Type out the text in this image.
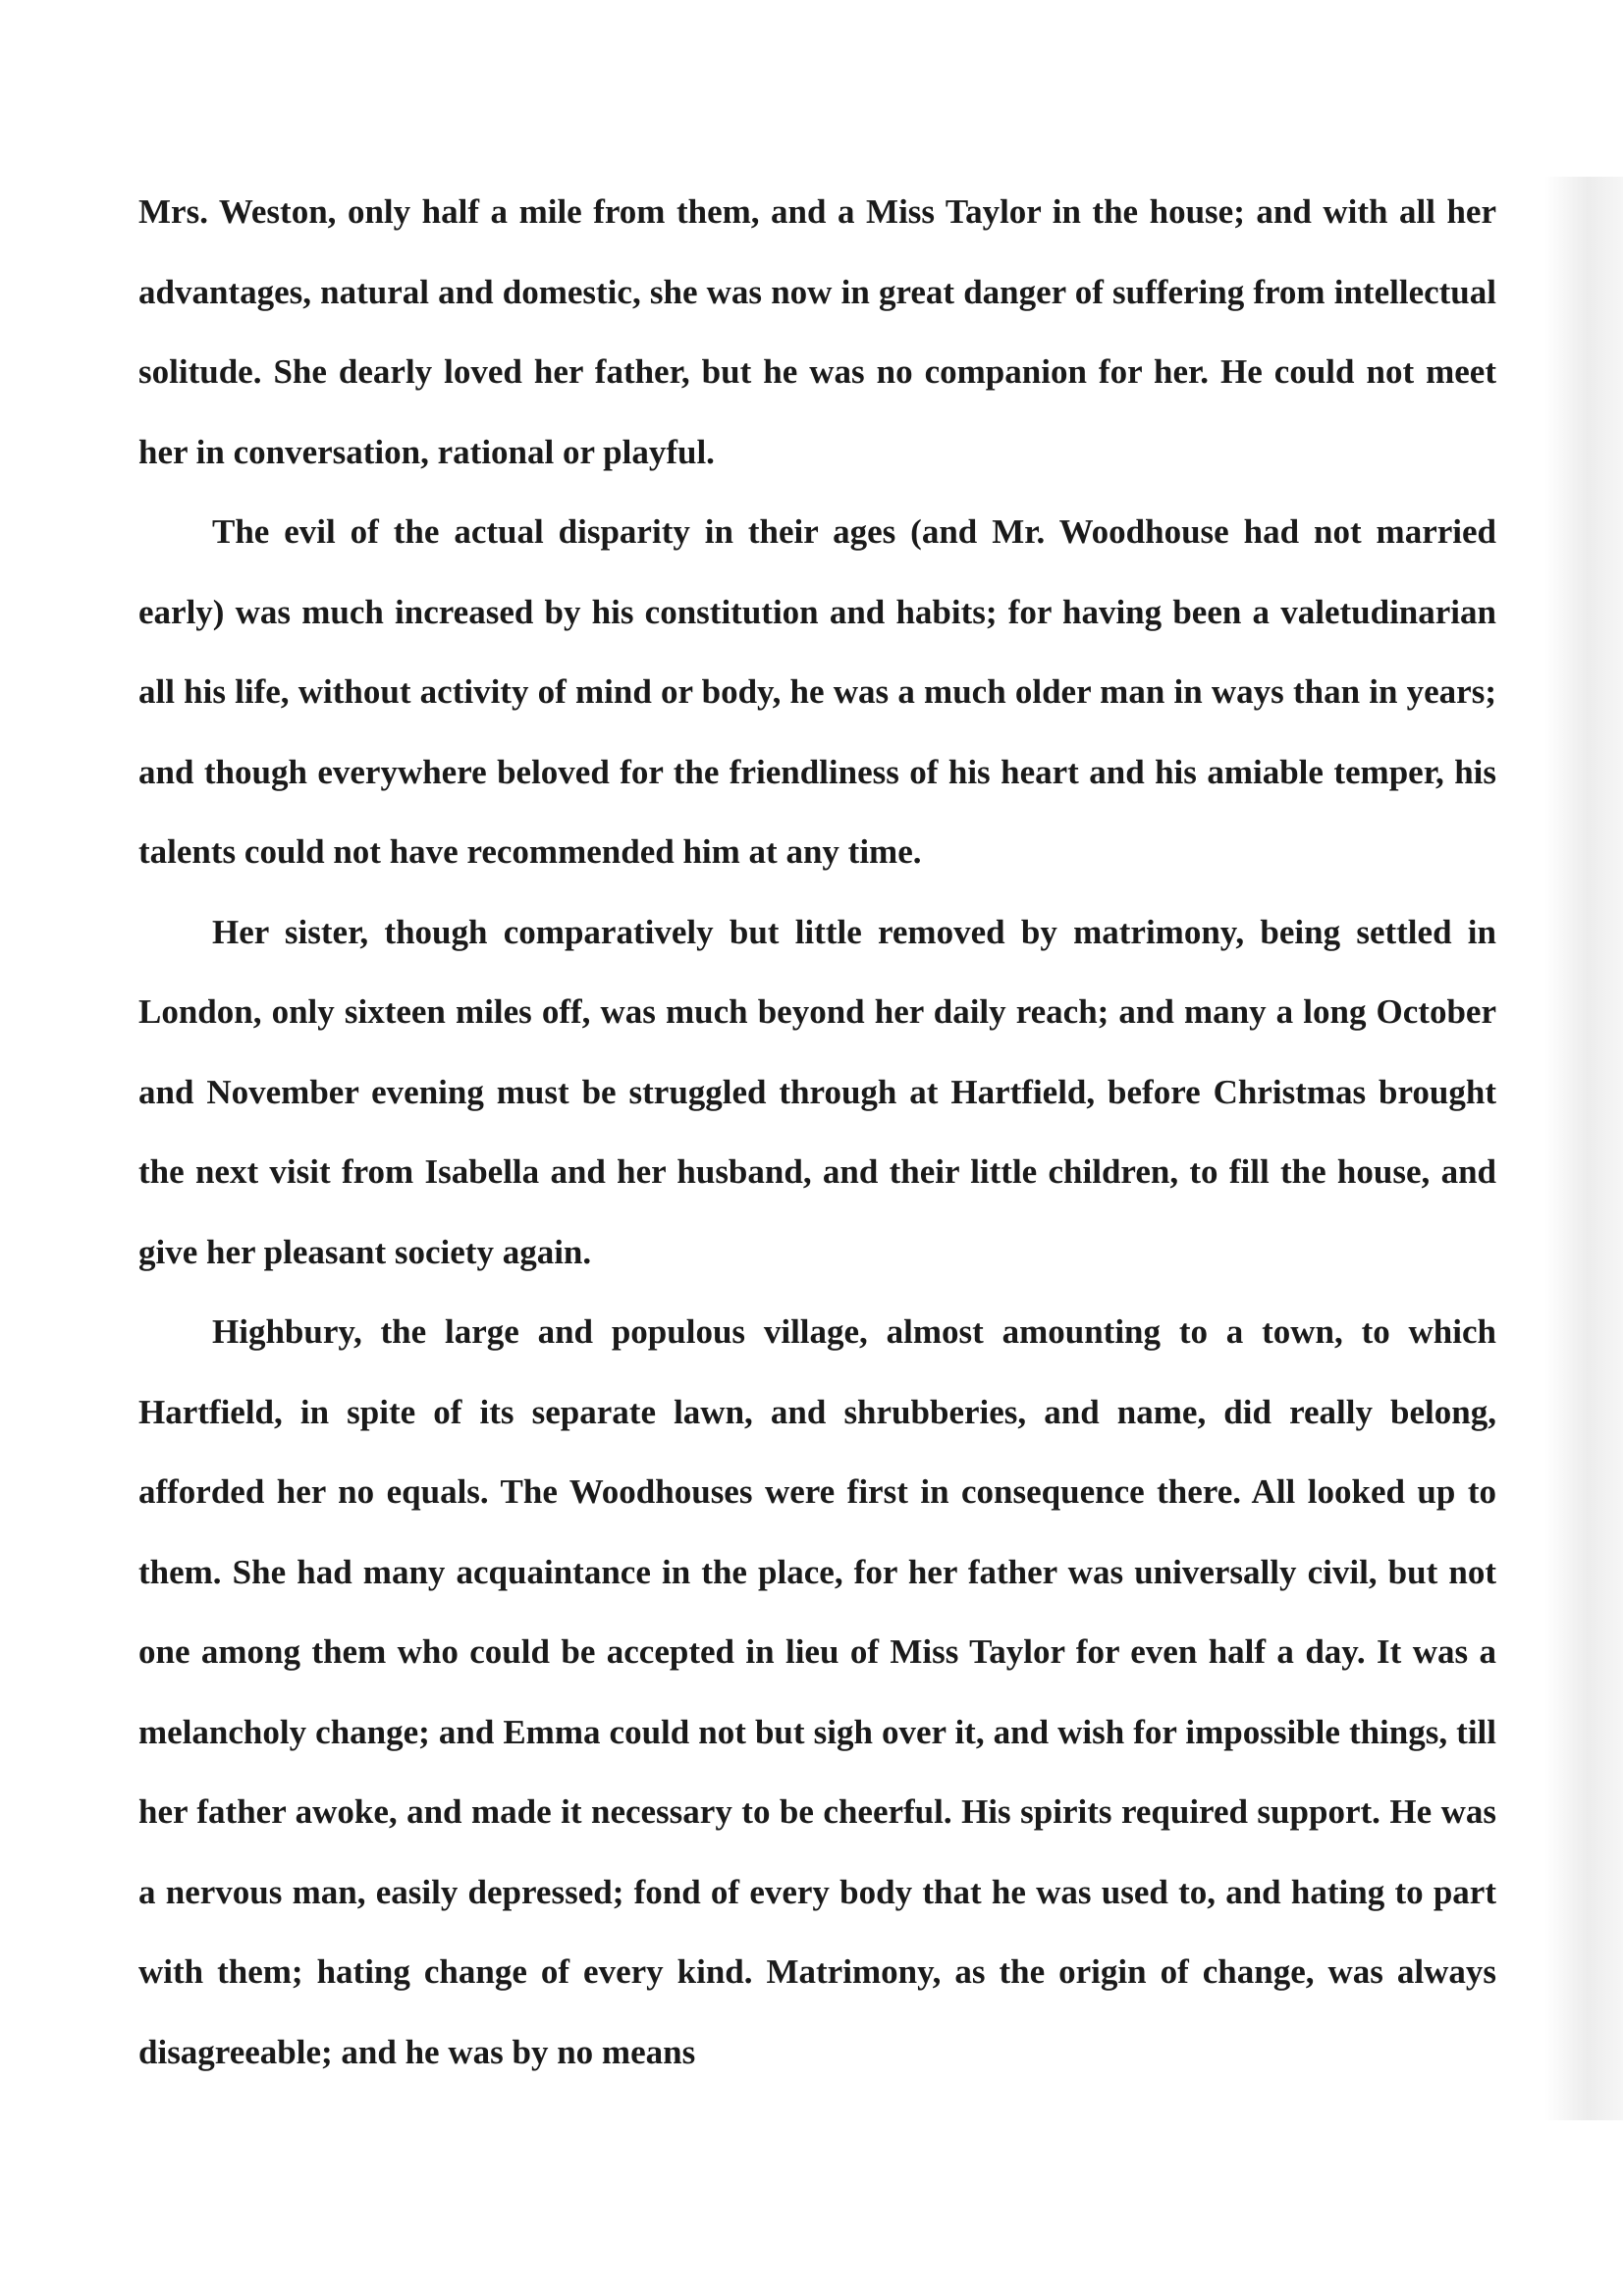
Mrs. Weston, only half a mile from them, and a Miss Taylor in the house; and with all her advantages, natural and domestic, she was now in great danger of suffering from intellectual solitude. She dearly loved her father, but he was no companion for her. He could not meet her in conversation, rational or playful.

The evil of the actual disparity in their ages (and Mr. Woodhouse had not married early) was much increased by his constitution and habits; for having been a valetudinarian all his life, without activity of mind or body, he was a much older man in ways than in years; and though everywhere beloved for the friendliness of his heart and his amiable temper, his talents could not have recommended him at any time.

Her sister, though comparatively but little removed by matrimony, being settled in London, only sixteen miles off, was much beyond her daily reach; and many a long October and November evening must be struggled through at Hartfield, before Christmas brought the next visit from Isabella and her husband, and their little children, to fill the house, and give her pleasant society again.

Highbury, the large and populous village, almost amounting to a town, to which Hartfield, in spite of its separate lawn, and shrubberies, and name, did really belong, afforded her no equals. The Woodhouses were first in consequence there. All looked up to them. She had many acquaintance in the place, for her father was universally civil, but not one among them who could be accepted in lieu of Miss Taylor for even half a day. It was a melancholy change; and Emma could not but sigh over it, and wish for impossible things, till her father awoke, and made it necessary to be cheerful. His spirits required support. He was a nervous man, easily depressed; fond of every body that he was used to, and hating to part with them; hating change of every kind. Matrimony, as the origin of change, was always disagreeable; and he was by no means
